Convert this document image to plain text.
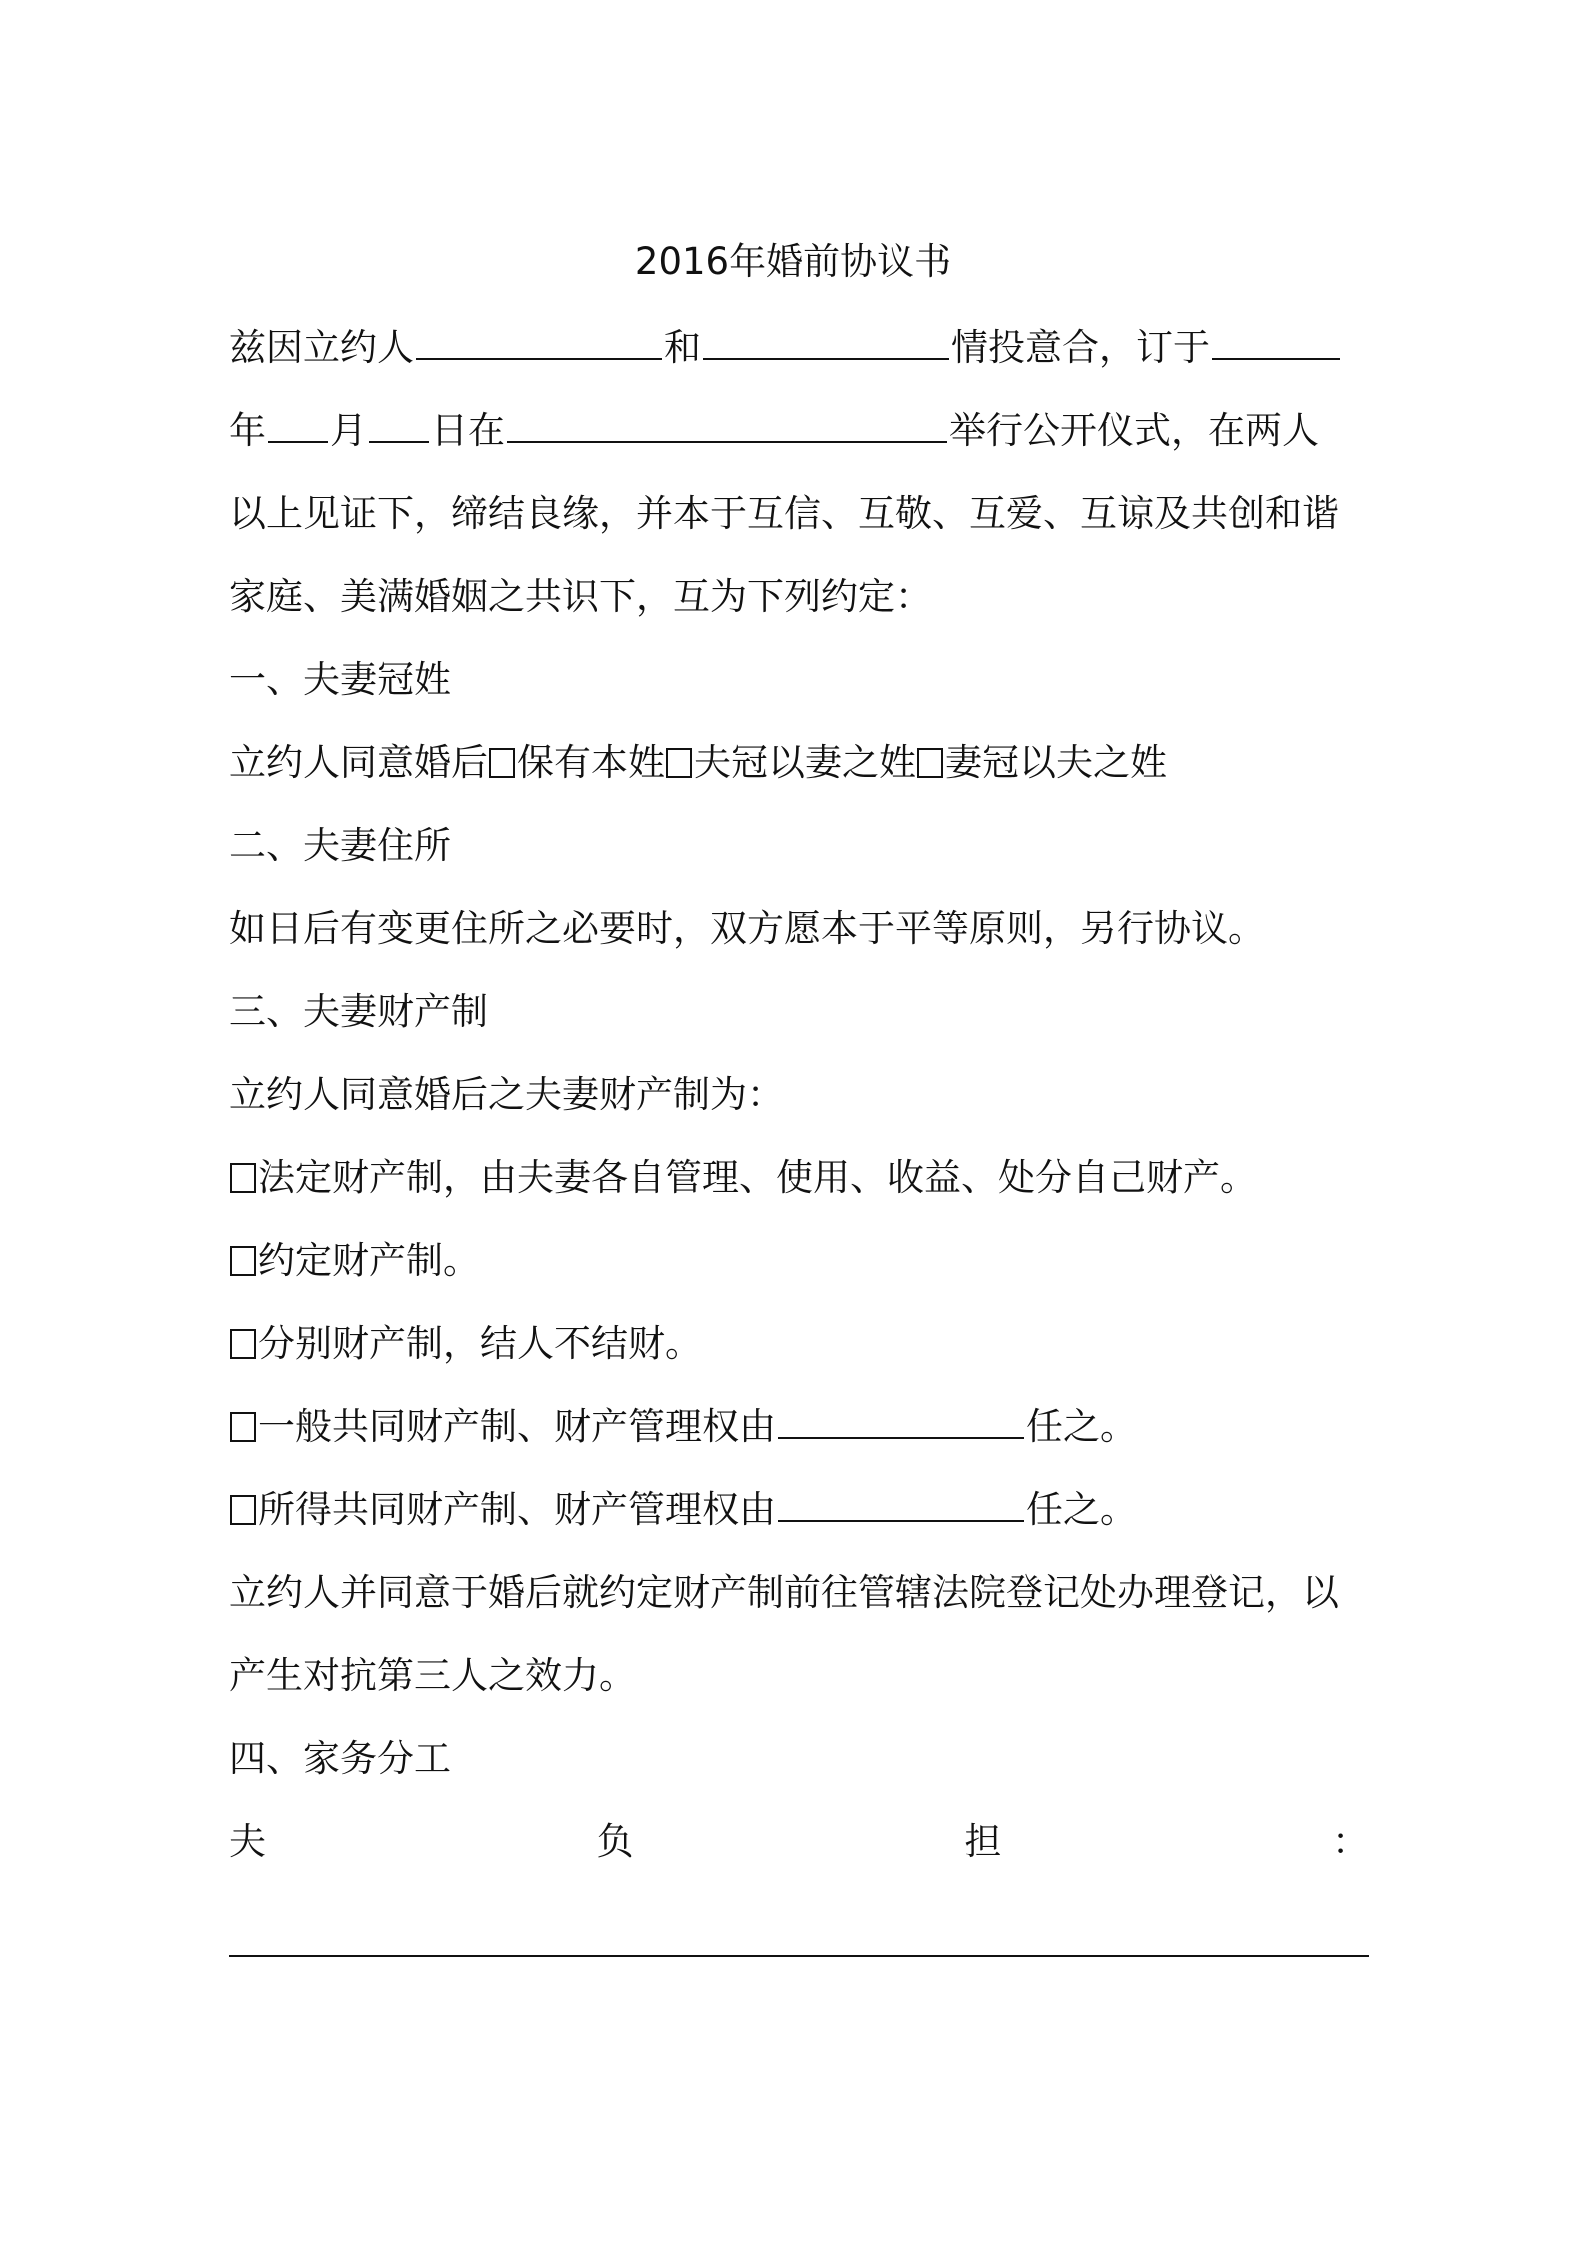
2016年婚前协议书
兹因立约人	和	情投意合，订于
年 月 日在	举行公开仪式，在两人
以上见证下，缔结良缘，并本于互信、互敬、互爱、互谅及共创和谐
家庭、美满婚姻之共识下，互为下列约定：
一、夫妻冠姓
立约人同意婚后 保有本姓 夫冠以妻之姓 妻冠以夫之姓
二、夫妻住所
如日后有变更住所之必要时，双方愿本于平等原则，另行协议。
三、夫妻财产制
立约人同意婚后之夫妻财产制为：
法定财产制，由夫妻各自管理、使用、收益、处分自己财产。
约定财产制。
分别财产制，结人不结财。
一般共同财产制、财产管理权由	任之。
所得共同财产制、财产管理权由	任之。
立约人并同意于婚后就约定财产制前往管辖法院登记处办理登记，以
产生对抗第三人之效力。
四、家务分工
夫	负	担	：
